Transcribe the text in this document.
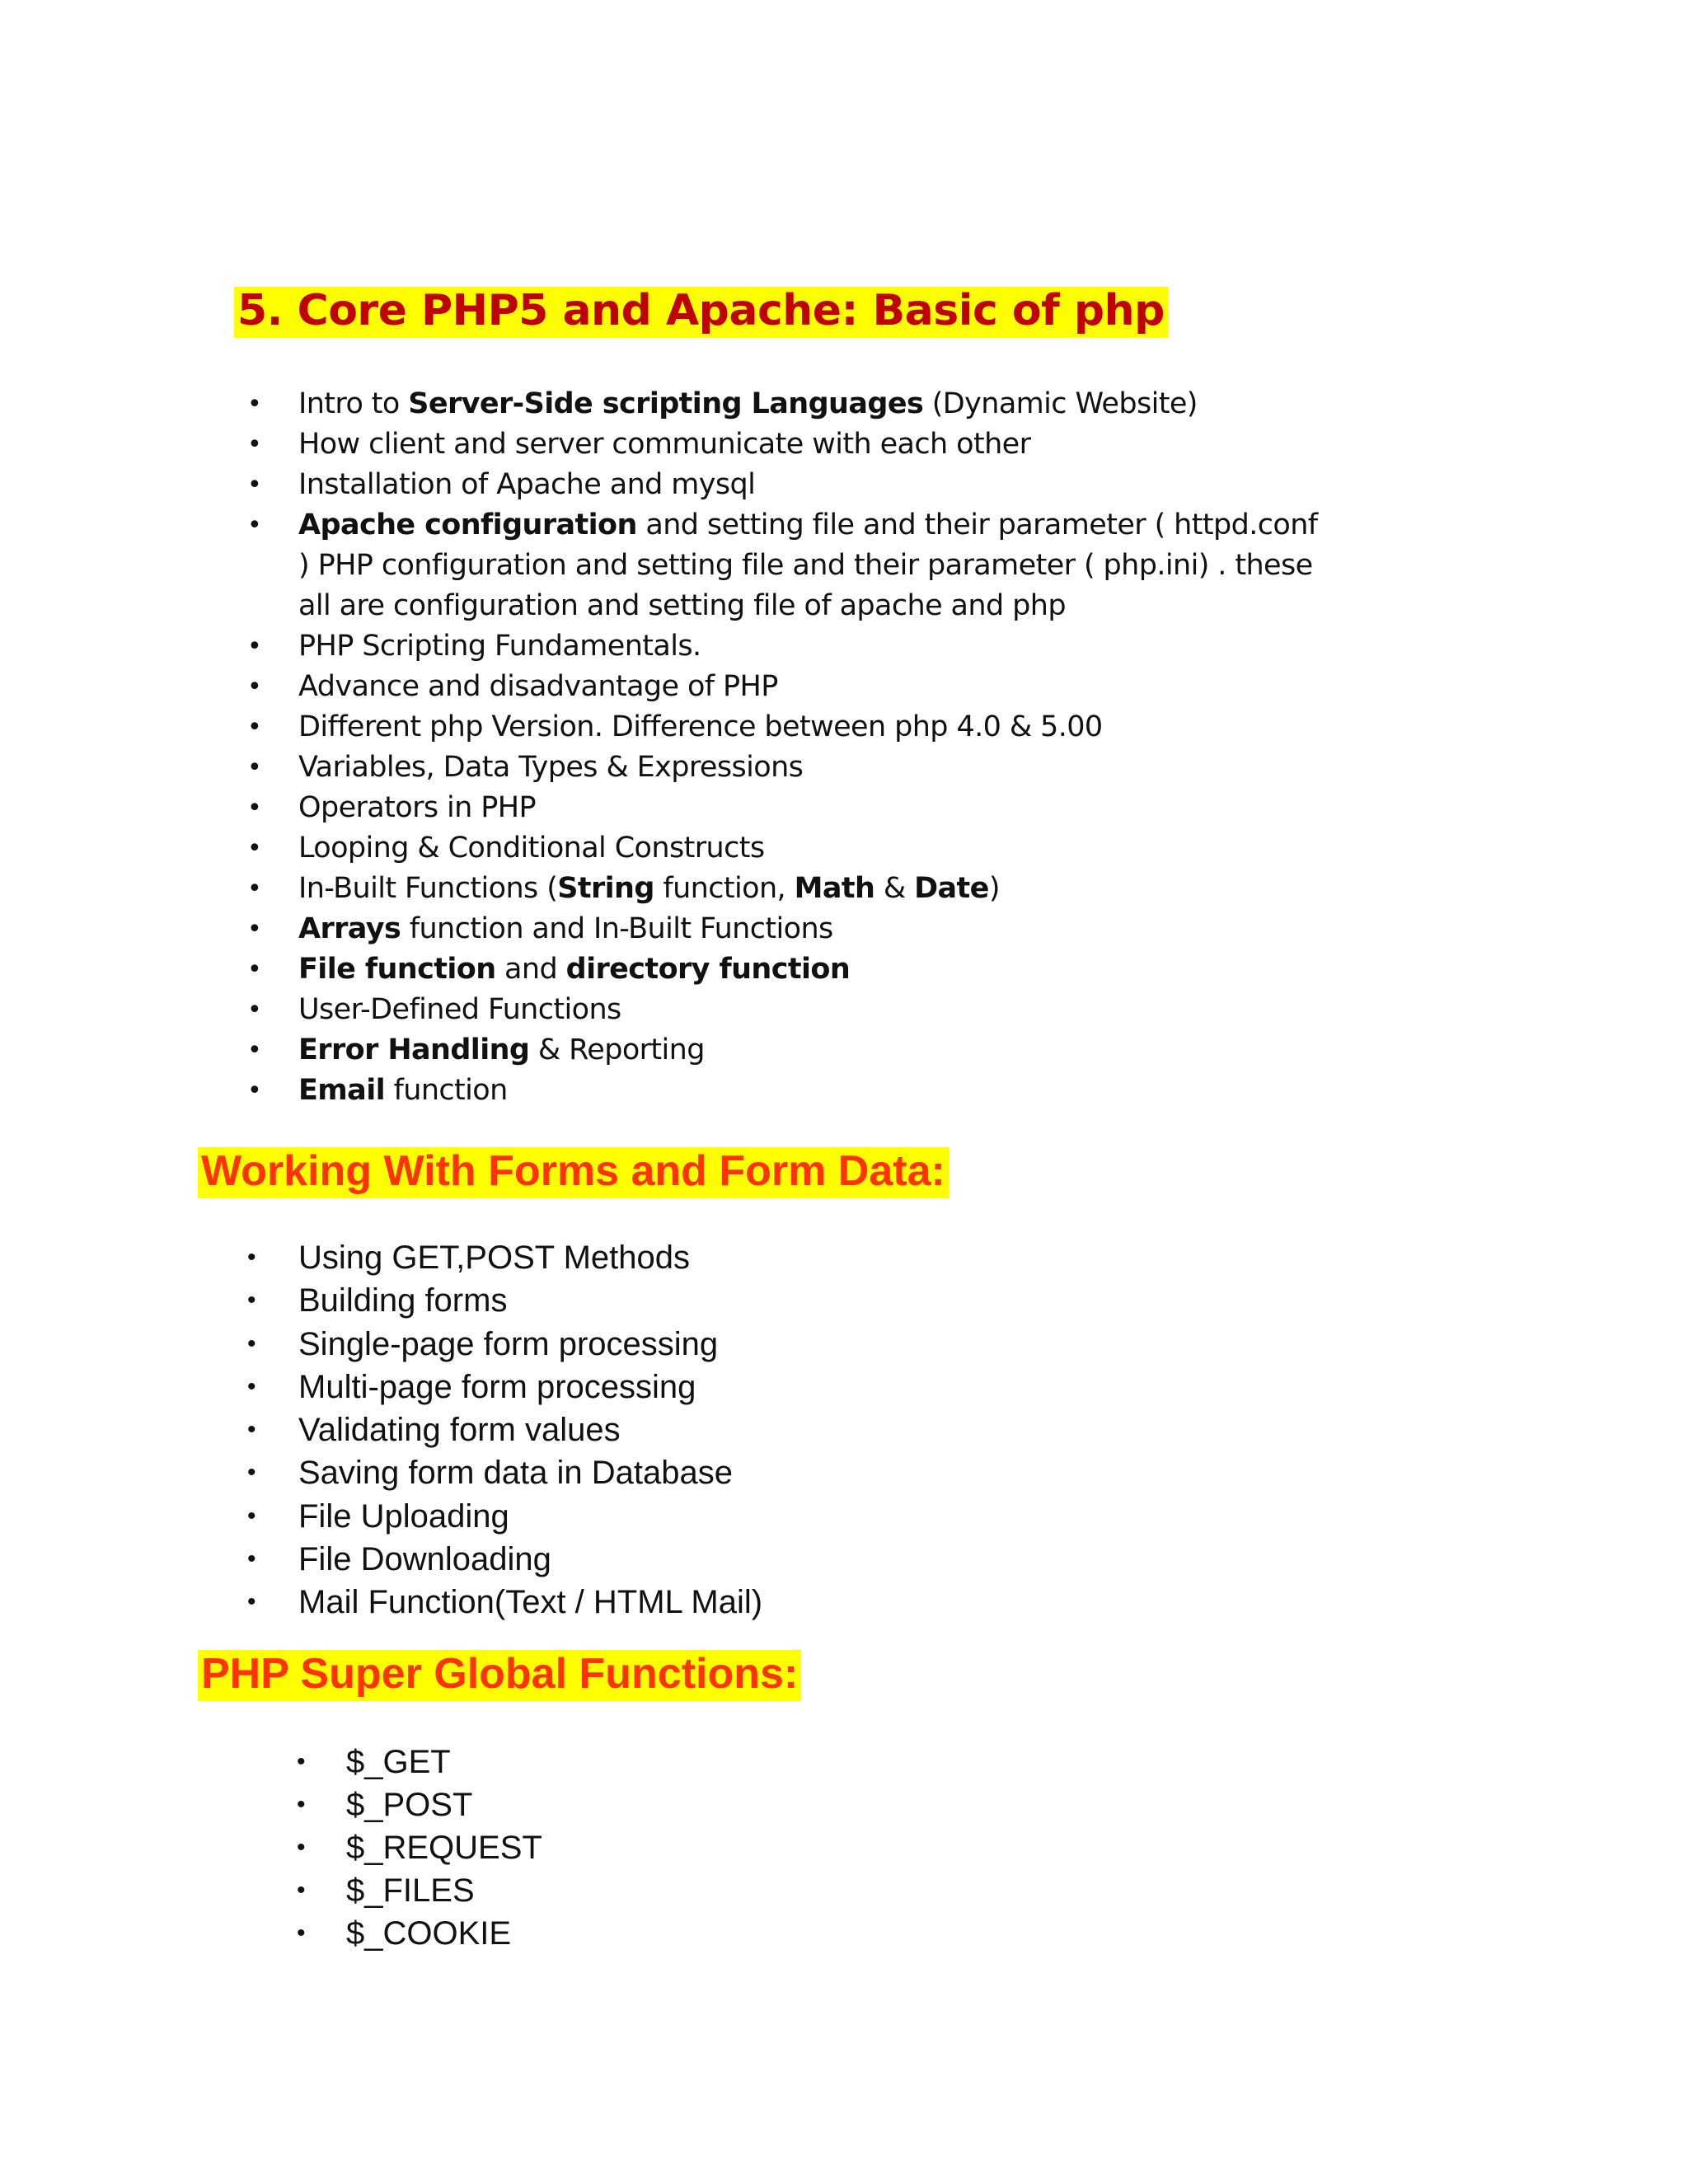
5. Core PHP5 and Apache: Basic of php
• Intro to Server-Side scripting Languages (Dynamic Website)
• How client and server communicate with each other
• Installation of Apache and mysql
• Apache configuration and setting file and their parameter ( httpd.conf ) PHP configuration and setting file and their parameter ( php.ini) . these all are configuration and setting file of apache and php
• PHP Scripting Fundamentals.
• Advance and disadvantage of PHP
• Different php Version. Difference between php 4.0 & 5.00
• Variables, Data Types & Expressions
• Operators in PHP
• Looping & Conditional Constructs
• In-Built Functions (String function, Math & Date)
• Arrays function and In-Built Functions
• File function and directory function
• User-Defined Functions
• Error Handling & Reporting
• Email function
Working With Forms and Form Data:
• Using GET,POST Methods
• Building forms
• Single-page form processing
• Multi-page form processing
• Validating form values
• Saving form data in Database
• File Uploading
• File Downloading
• Mail Function(Text / HTML Mail)
PHP Super Global Functions:
• $_GET
• $_POST
• $_REQUEST
• $_FILES
• $_COOKIE
